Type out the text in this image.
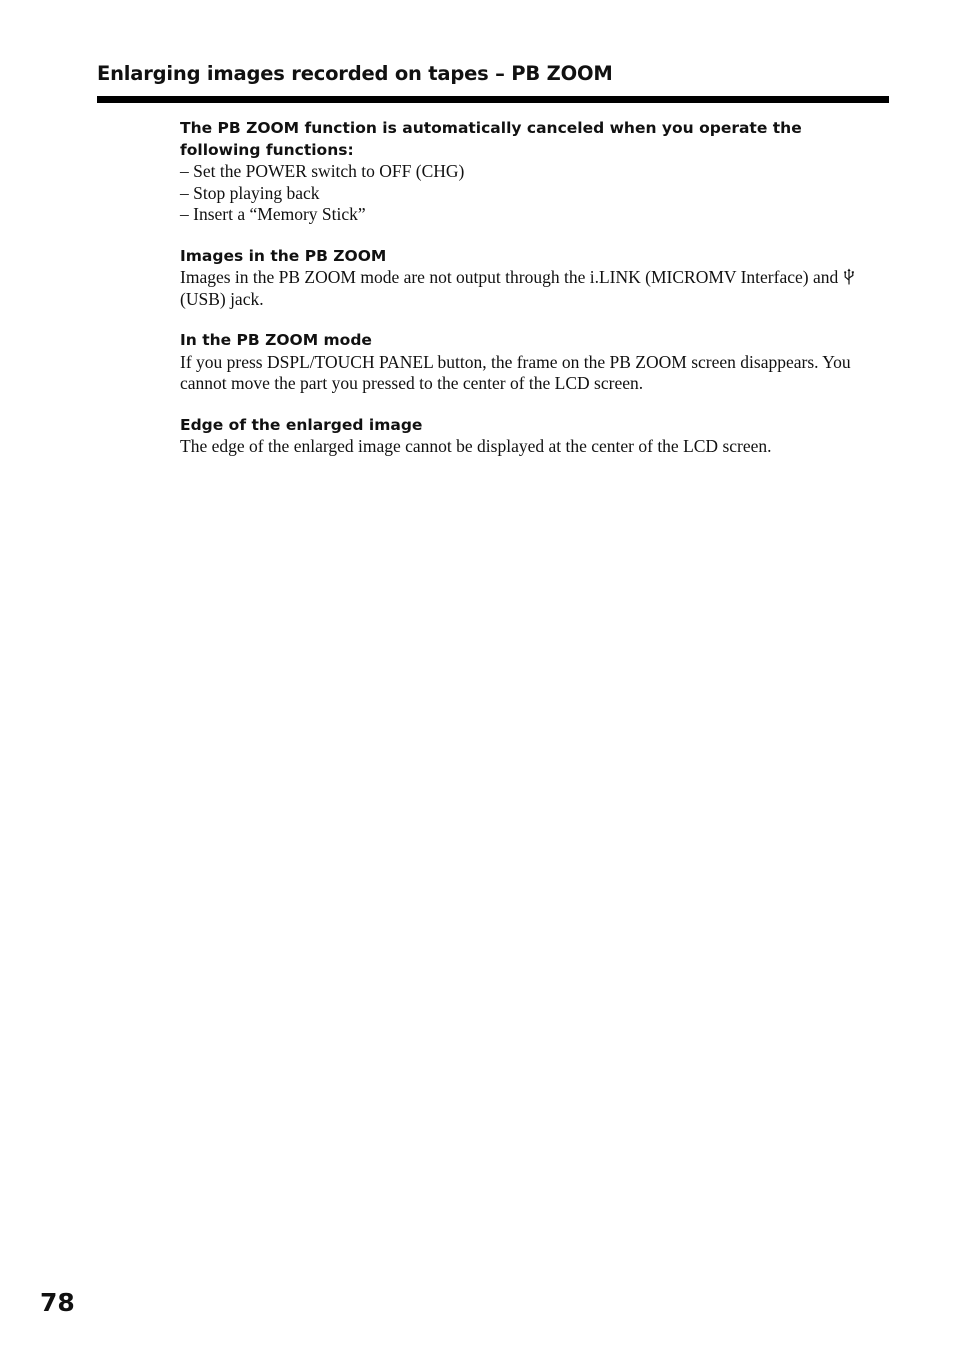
Enlarging images recorded on tapes – PB ZOOM

The PB ZOOM function is automatically canceled when you operate the following functions:

– Set the POWER switch to OFF (CHG)
– Stop playing back
– Insert a “Memory Stick”

Images in the PB ZOOM

Images in the PB ZOOM mode are not output through the i.LINK (MICROMV Interface) and
(USB) jack.

In the PB ZOOM mode

If you press DSPL/TOUCH PANEL button, the frame on the PB ZOOM screen disappears. You cannot move the part you pressed to the center of the LCD screen.

Edge of the enlarged image

The edge of the enlarged image cannot be displayed at the center of the LCD screen.

78
